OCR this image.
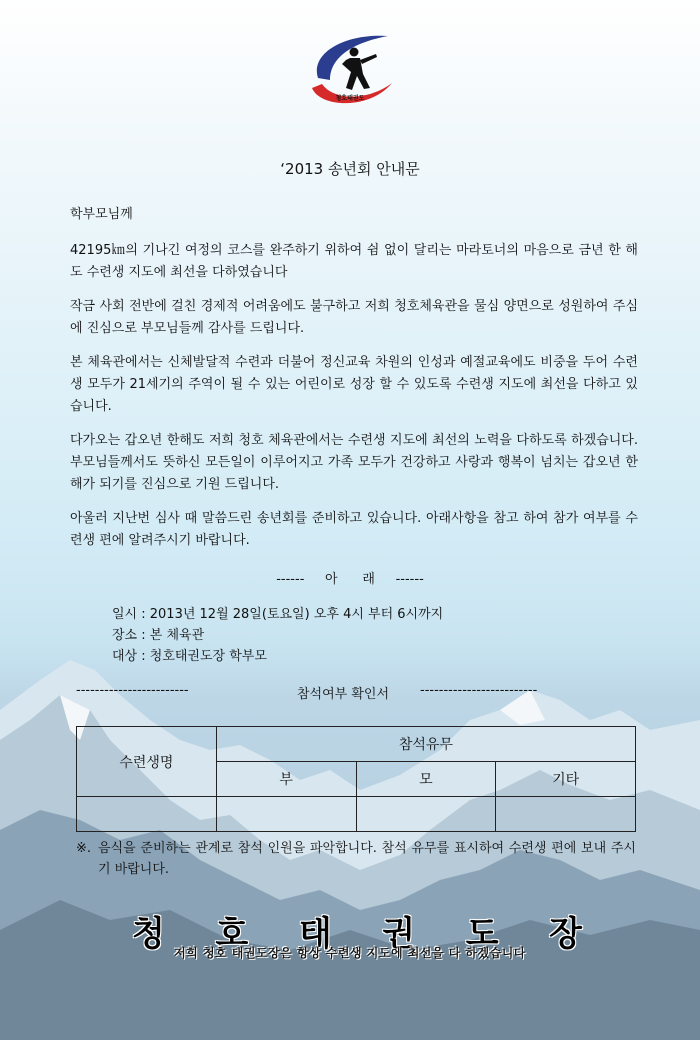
청호태권도
‘2013 송년회 안내문
학부모님께
42195㎞의 기나긴 여정의 코스를 완주하기 위하여 쉼 없이 달리는 마라토너의 마음으로 금년 한 해도 수련생 지도에 최선을 다하였습니다
작금 사회 전반에 걸친 경제적 어려움에도 불구하고 저희 청호체육관을 물심 양면으로 성원하여 주심에 진심으로 부모님들께 감사를 드립니다.
본 체육관에서는 신체발달적 수련과 더불어 정신교육 차원의 인성과 예절교육에도 비중을 두어 수련생 모두가 21세기의 주역이 될 수 있는 어린이로 성장 할 수 있도록 수련생 지도에 최선을 다하고 있습니다.
다가오는 갑오년 한해도 저희 청호 체육관에서는 수련생 지도에 최선의 노력을 다하도록 하겠습니다. 부모님들께서도 뜻하신 모든일이 이루어지고 가족 모두가 건강하고 사랑과 행복이 넘치는 갑오년 한해가 되기를 진심으로 기원 드립니다.
아울러 지난번 심사 때 말씀드린 송년회를 준비하고 있습니다. 아래사항을 참고 하여 참가 여부를 수련생 편에 알려주시기 바랍니다.
------     아      래     ------
일시 : 2013년 12월 28일(토요일) 오후 4시 부터 6시까지
장소 : 본 체육관
대상 : 청호태권도장 학부모
------------------------	참석여부 확인서 -------------------------
수련생명	참석유무		
	부	모	기타

※. 음식을 준비하는 관계로 참석 인원을 파악합니다. 참석 유무를 표시하여 수련생 편에 보내 주시기 바랍니다.
청 호 태 권 도 장
저희 청호 태권도장은 항상 수련생 지도에 최선을 다 하겠습니다
